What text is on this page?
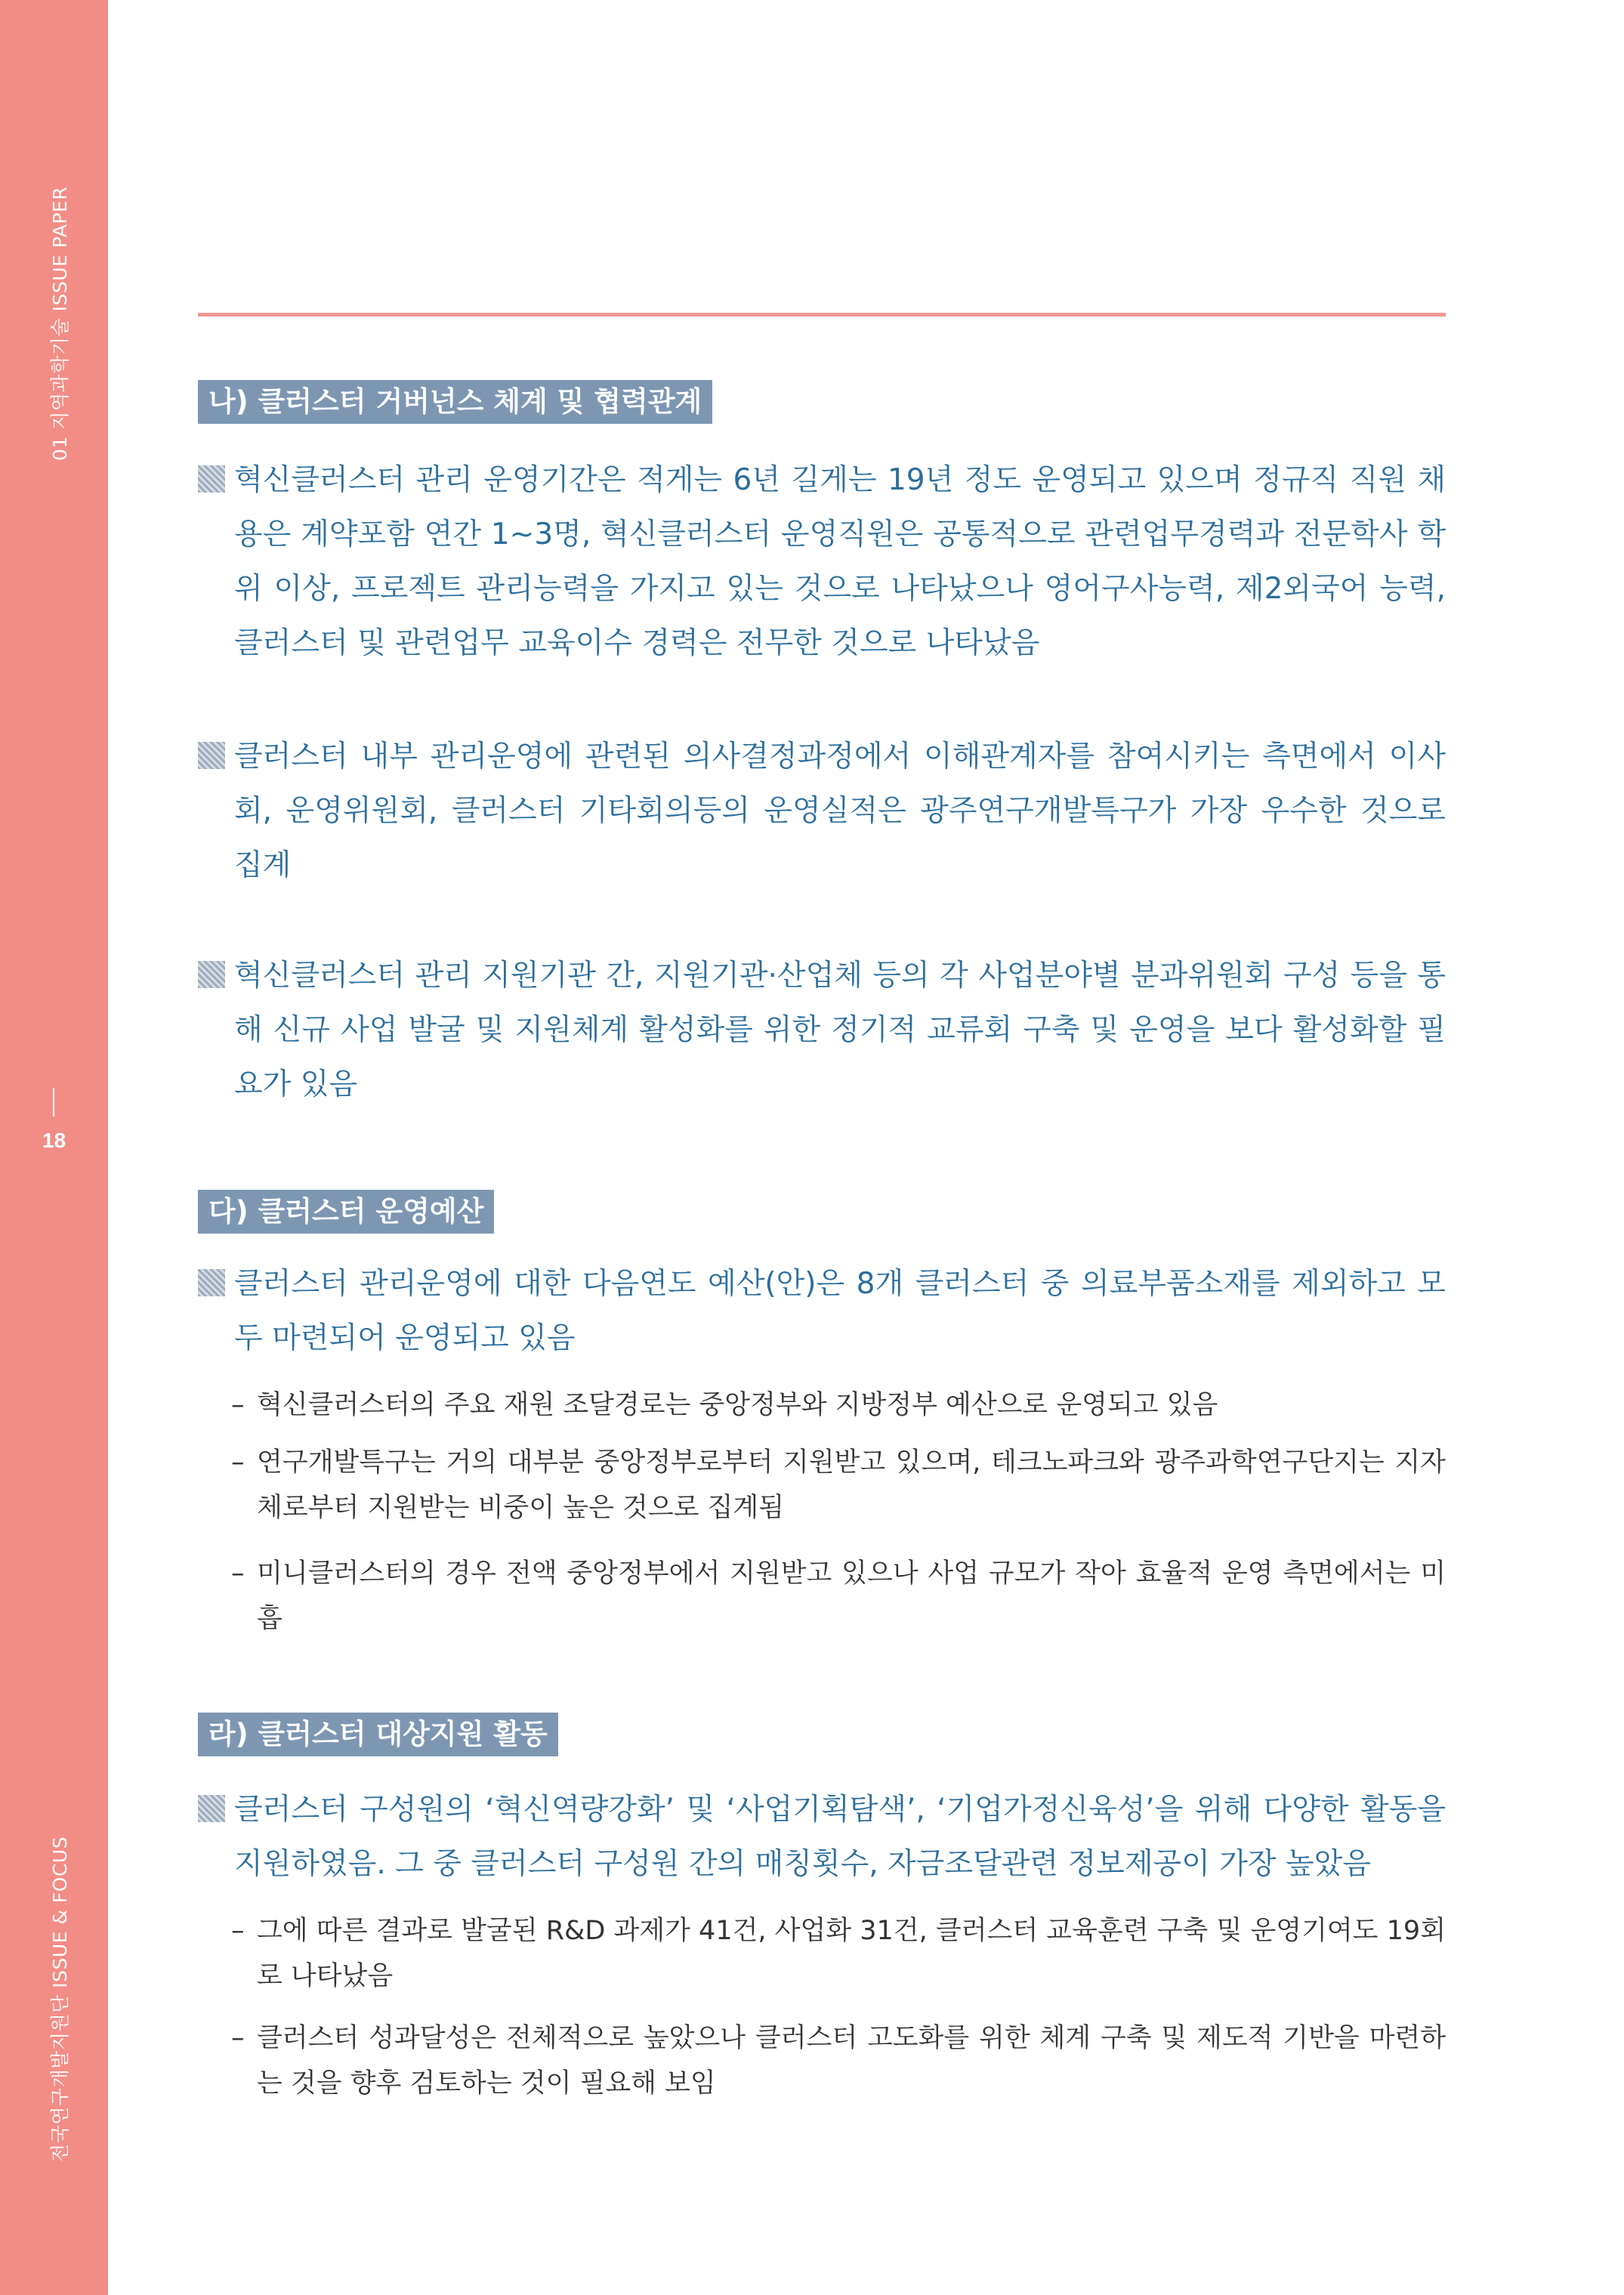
01 지역과학기술 ISSUE PAPER
18
전국연구개발지원단 ISSUE & FOCUS
나) 클러스터 거버넌스 체계 및 협력관계
혁신클러스터 관리 운영기간은 적게는 6년 길게는 19년 정도 운영되고 있으며 정규직 직원 채용은 계약포함 연간 1~3명, 혁신클러스터 운영직원은 공통적으로 관련업무경력과 전문학사 학위 이상, 프로젝트 관리능력을 가지고 있는 것으로 나타났으나 영어구사능력, 제2외국어 능력, 클러스터 및 관련업무 교육이수 경력은 전무한 것으로 나타났음
클러스터 내부 관리운영에 관련된 의사결정과정에서 이해관계자를 참여시키는 측면에서 이사회, 운영위원회, 클러스터 기타회의등의 운영실적은 광주연구개발특구가 가장 우수한 것으로 집계
혁신클러스터 관리 지원기관 간, 지원기관·산업체 등의 각 사업분야별 분과위원회 구성 등을 통해 신규 사업 발굴 및 지원체계 활성화를 위한 정기적 교류회 구축 및 운영을 보다 활성화할 필요가 있음
다) 클러스터 운영예산
클러스터 관리운영에 대한 다음연도 예산(안)은 8개 클러스터 중 의료부품소재를 제외하고 모두 마련되어 운영되고 있음
– 혁신클러스터의 주요 재원 조달경로는 중앙정부와 지방정부 예산으로 운영되고 있음
– 연구개발특구는 거의 대부분 중앙정부로부터 지원받고 있으며, 테크노파크와 광주과학연구단지는 지자체로부터 지원받는 비중이 높은 것으로 집계됨
– 미니클러스터의 경우 전액 중앙정부에서 지원받고 있으나 사업 규모가 작아 효율적 운영 측면에서는 미흡
라) 클러스터 대상지원 활동
클러스터 구성원의 ‘혁신역량강화’ 및 ‘사업기획탐색’, ‘기업가정신육성’을 위해 다양한 활동을 지원하였음. 그 중 클러스터 구성원 간의 매칭횟수, 자금조달관련 정보제공이 가장 높았음
– 그에 따른 결과로 발굴된 R&D 과제가 41건, 사업화 31건, 클러스터 교육훈련 구축 및 운영기여도 19회로 나타났음
– 클러스터 성과달성은 전체적으로 높았으나 클러스터 고도화를 위한 체계 구축 및 제도적 기반을 마련하는 것을 향후 검토하는 것이 필요해 보임
